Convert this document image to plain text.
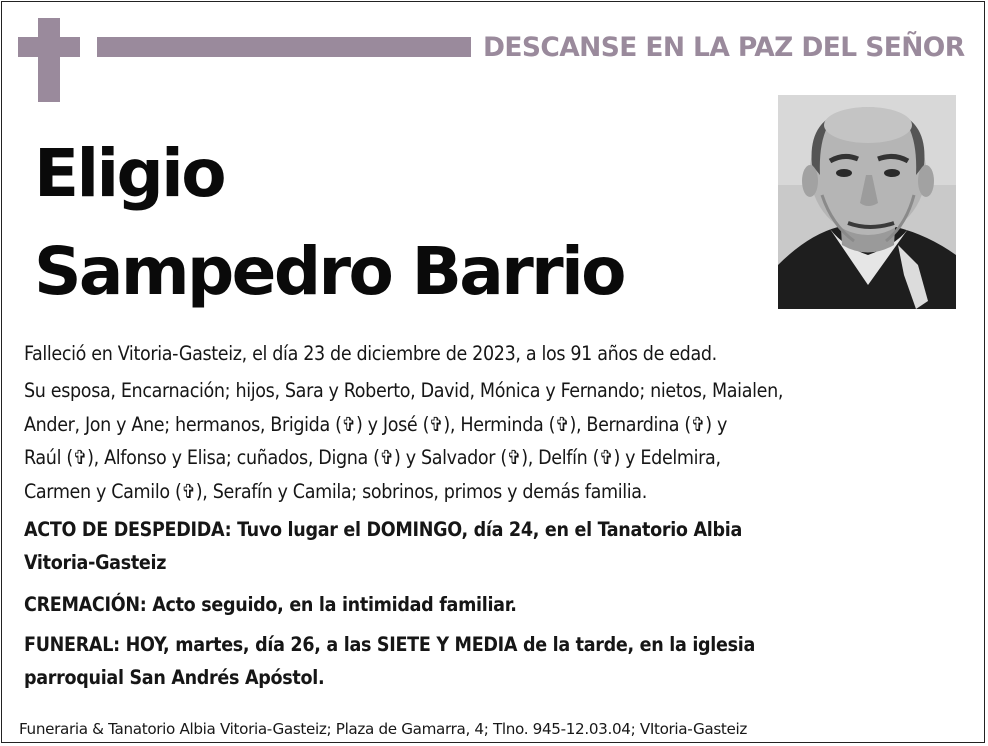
DESCANSE EN LA PAZ DEL SEÑOR
Eligio
Sampedro Barrio
Falleció en Vitoria-Gasteiz, el día 23 de diciembre de 2023, a los 91 años de edad.
Su esposa, Encarnación; hijos, Sara y Roberto, David, Mónica y Fernando; nietos, Maialen,
Ander, Jon y Ane; hermanos, Brigida (✞) y José (✞), Herminda (✞), Bernardina (✞) y
Raúl (✞), Alfonso y Elisa; cuñados, Digna (✞) y Salvador (✞), Delfín (✞) y Edelmira,
Carmen y Camilo (✞), Serafín y Camila; sobrinos, primos y demás familia.
ACTO DE DESPEDIDA: Tuvo lugar el DOMINGO, día 24, en el Tanatorio Albia
Vitoria-Gasteiz
CREMACIÓN: Acto seguido, en la intimidad familiar.
FUNERAL: HOY, martes, día 26, a las SIETE Y MEDIA de la tarde, en la iglesia
parroquial San Andrés Apóstol.
Funeraria & Tanatorio Albia Vitoria-Gasteiz; Plaza de Gamarra, 4; Tlno. 945-12.03.04; VItoria-Gasteiz
